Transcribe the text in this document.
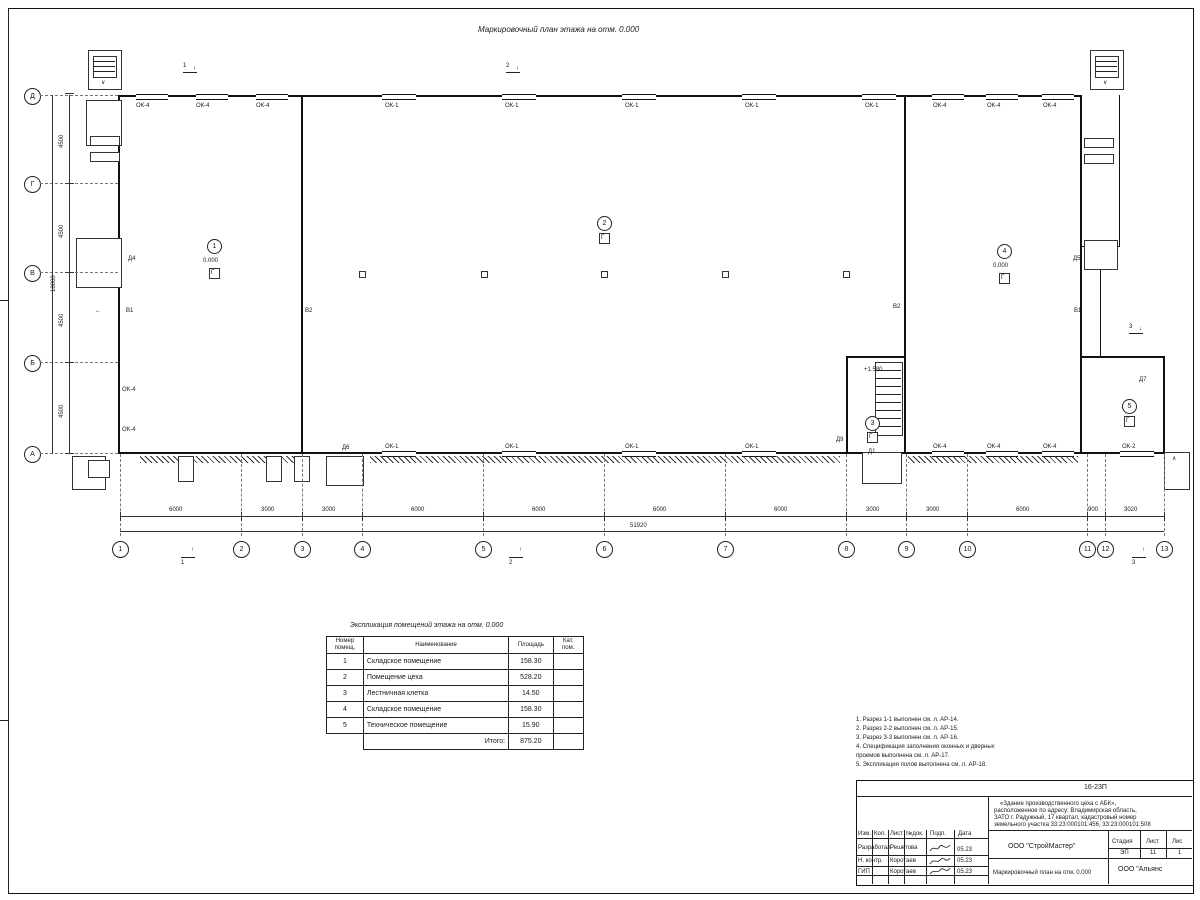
Маркировочный план этажа на отм. 0.000
+1.580
∨	∨
∧
ОК-4	ОК-4	ОК-4	ОК-1	ОК-1	ОК-1	ОК-1	ОК-1	ОК-4	ОК-4	ОК-4
ОК-1	ОК-1	ОК-1	ОК-1	ОК-4	ОК-4	ОК-4	ОК-2
ОК-4
ОК-4
Д4
Д6
Д5
Д7
Д9
Д1
В1	В2
В2
В1
←
1
0.000
Г
2
Г
3
Г
4
0.000
Г
5
Г
Д
Г
В
Б
А
4500
4500
4500
4500
18000
6000	3000	3000	6000	6000	6000	6000	3000	3000	6000	900	3020
51920
1	2	3	4	5	6	7	8	9	10	11	12	13
1 ↓	2 ↓
3 ↓
1
↑
2
↑
3
↑
Экспликация помещений этажа на отм. 0.000
Номер помещ.	Наименование	Площадь	Кат. пом.
1	Складское помещение	158.30	
2	Помещение цеха	528.20	
3	Лестничная клетка	14.50	
4	Складское помещение	158.30	
5	Техническое помещение	15.90	
	Итого:	875.20	
1. Разрез 1-1 выполнен см. л. АР-14.
2. Разрез 2-2 выполнен см. л. АР-15.
3. Разрез 3-3 выполнен см. л. АР-16.
4. Спецификация заполнения оконных и дверных
проемов выполнена см. л. АР-17.
5. Экспликация полов выполнена см. л. АР-18.
16-23П
«Здание производственного цеха с АБК»,
расположенное по адресу: Владимирская область,
ЗАТО г. Радужный, 17 квартал, кадастровый номер
земельного участка 33:23:000101:456, 33:23:000101:508
Изм. Кол. Лист №док. Подп. Дата
Разработал Решетова	05.23
Н. контр. Коротаев	05.23
ГИП	Коротаев	05.23
ООО "СтройМастер"
Маркировочный план на отм. 0.000
Стадия Лист Лис
ЭП	11	1
ООО "Альянс
